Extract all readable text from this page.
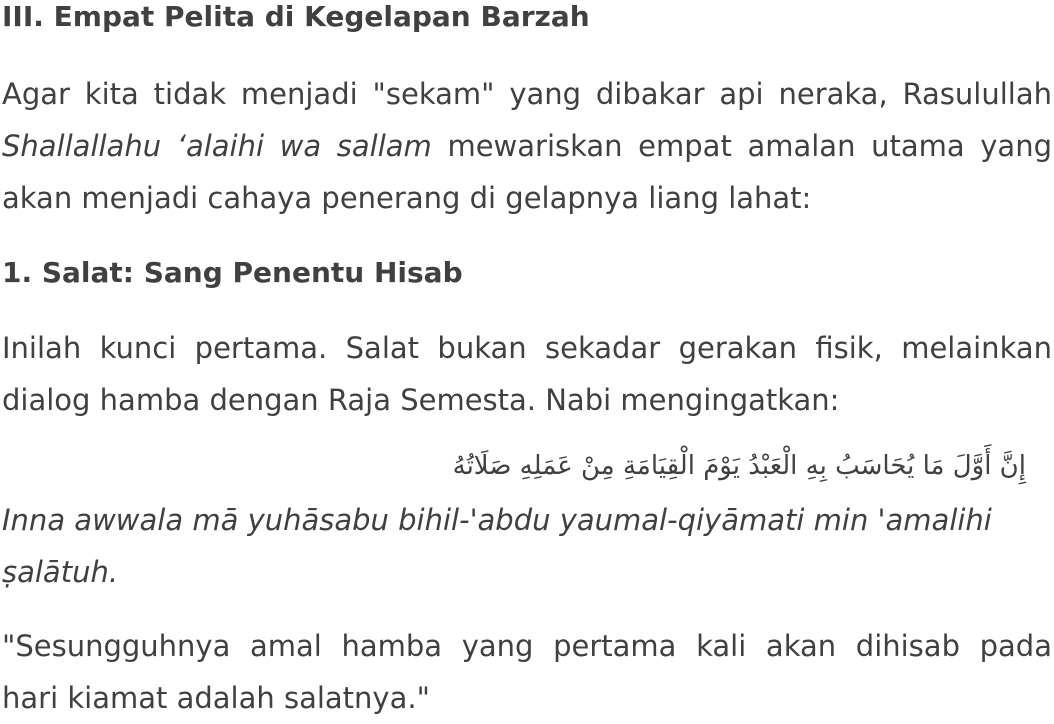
III. Empat Pelita di Kegelapan Barzah
Agar kita tidak menjadi "sekam" yang dibakar api neraka, Rasulullah
Shallallahu ‘alaihi wa sallam mewariskan empat amalan utama yang
akan menjadi cahaya penerang di gelapnya liang lahat:
1. Salat: Sang Penentu Hisab
Inilah kunci pertama. Salat bukan sekadar gerakan fisik, melainkan
dialog hamba dengan Raja Semesta. Nabi mengingatkan:
إِنَّ أَوَّلَ مَا يُحَاسَبُ بِهِ الْعَبْدُ يَوْمَ الْقِيَامَةِ مِنْ عَمَلِهِ صَلَاتُهُ
Inna awwala mā yuhāsabu bihil-'abdu yaumal-qiyāmati min 'amalihi
ṣalātuh.
"Sesungguhnya amal hamba yang pertama kali akan dihisab pada
hari kiamat adalah salatnya."
